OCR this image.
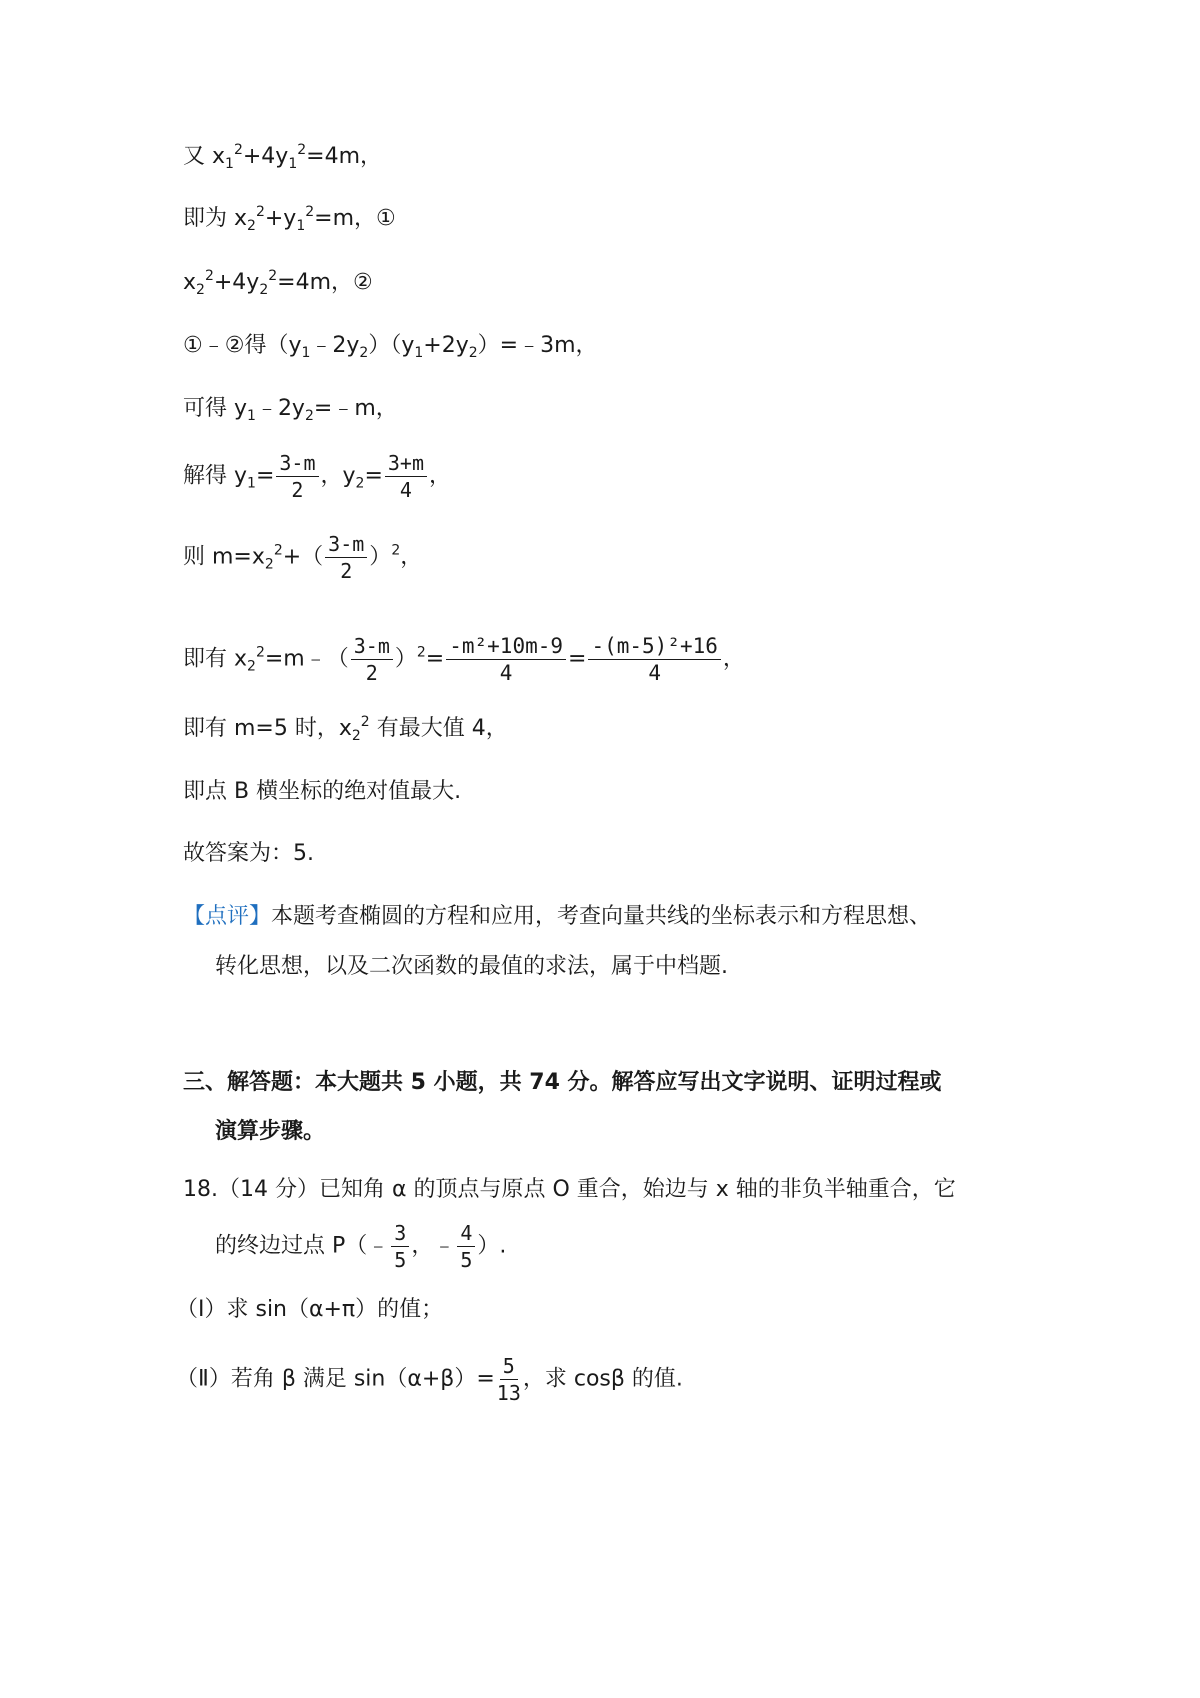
又 $x_1^2+4y_1^2=4m$，
即为 $x_2^2+y_1^2=m$，①
$x_2^2+4y_2^2=4m$，②
①﹣②得$(y_1﹣2y_2)(y_1+2y_2)=﹣3m$，
可得 $y_1﹣2y_2=﹣m$，
解得 $y_1= \frac{3-m}{2}$ ，$y_2= \frac{3+m}{4}$ ，
则 $m=x_2^2+( \frac{3-m}{2} )^2$，
即有 $x_2^2=m﹣( \frac{3-m}{2} )^2= \frac{\text{-m²+10m-9}}{4} = \frac{\text{-(m-5)²+16}}{4}$ ，
即有 m=5 时，$x_2^2$ 有最大值 4，
即点 B 横坐标的绝对值最大.
故答案为：5.
【点评】本题考查椭圆的方程和应用，考查向量共线的坐标表示和方程思想、
转化思想，以及二次函数的最值的求法，属于中档题.
三、解答题：本大题共 5 小题，共 74 分。解答应写出文字说明、证明过程或
演算步骤。
18.（14 分）已知角 α 的顶点与原点 O 重合，始边与 x 轴的非负半轴重合，它
的终边过点 P（﹣ $\frac{3}{5}$ ，﹣ $\frac{4}{5}$ ）.
（Ⅰ）求 sin（α+π）的值；
（Ⅱ）若角 β 满足 $\sin(\alpha+\beta)= \frac{5}{13}$ ，求 cosβ 的值.
